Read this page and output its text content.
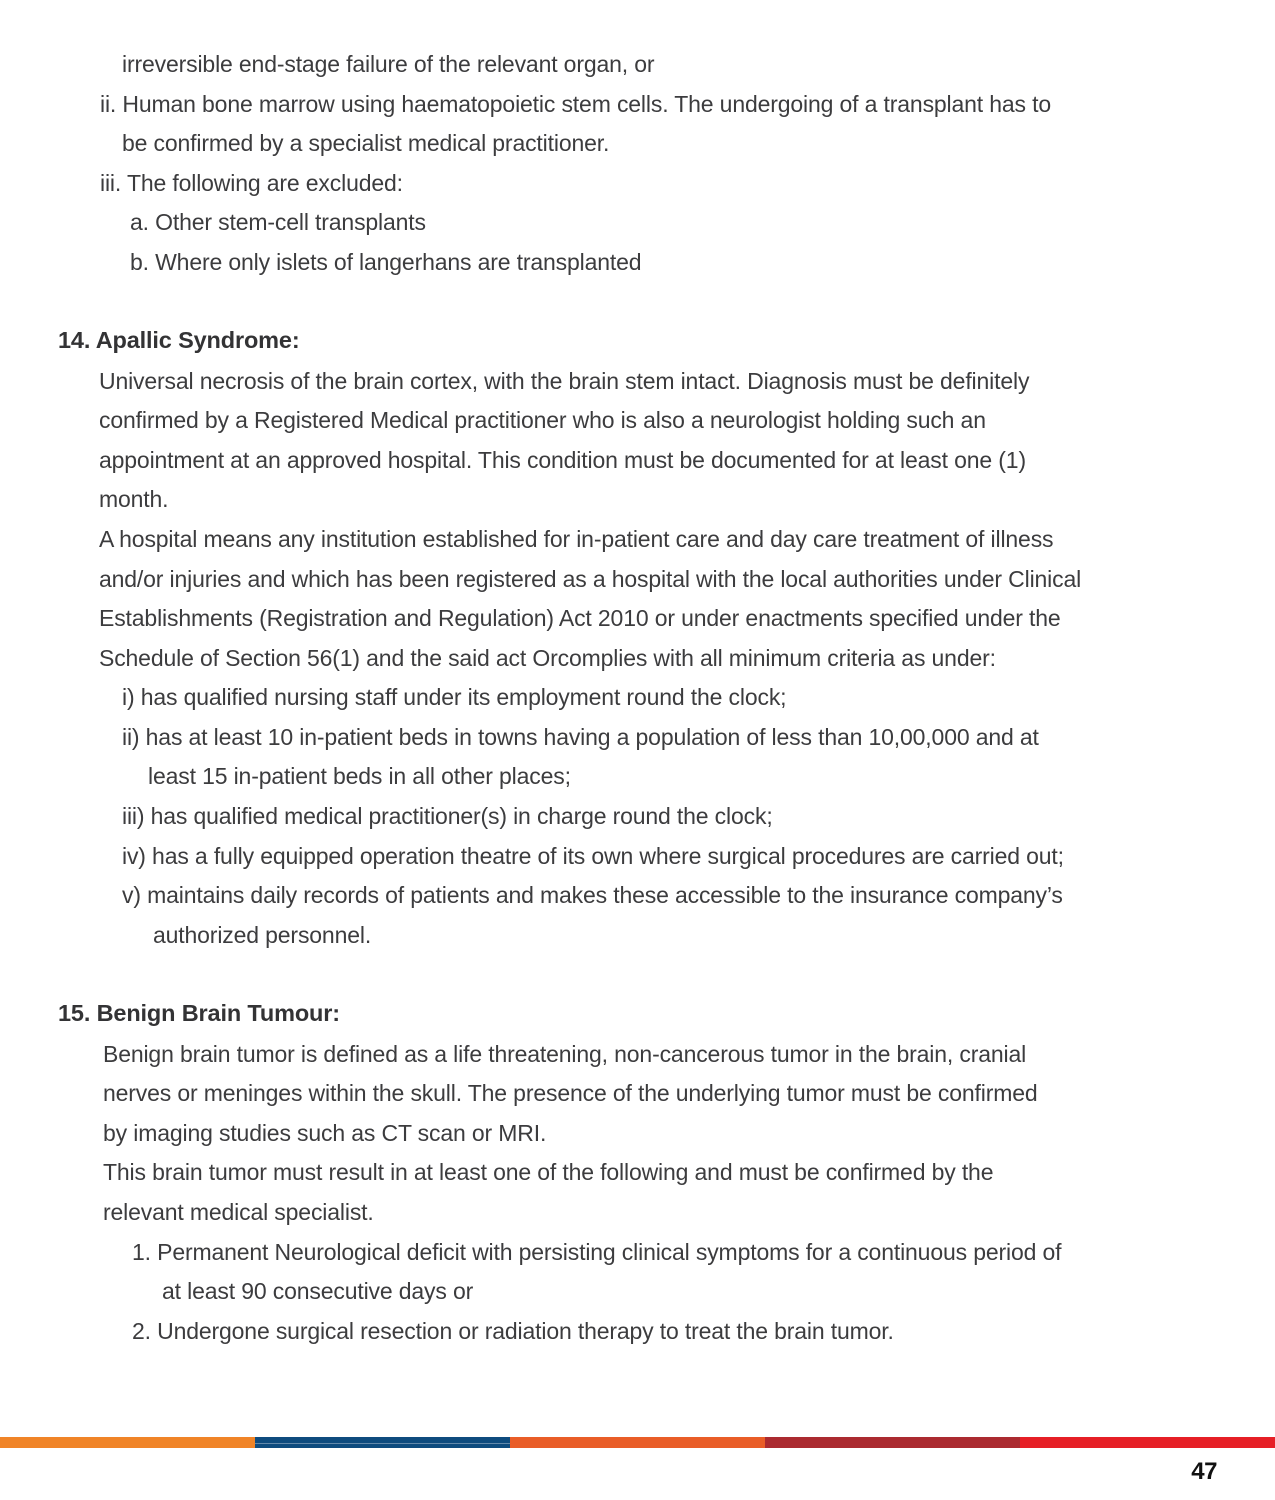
irreversible end-stage failure of the relevant organ, or
ii. Human bone marrow using haematopoietic stem cells. The undergoing of a transplant has to
be confirmed by a specialist medical practitioner.
iii. The following are excluded:
a. Other stem-cell transplants
b. Where only islets of langerhans are transplanted
14. Apallic Syndrome:
Universal necrosis of the brain cortex, with the brain stem intact. Diagnosis must be definitely
confirmed by a Registered Medical practitioner who is also a neurologist holding such an
appointment at an approved hospital. This condition must be documented for at least one (1)
month.
A hospital means any institution established for in-patient care and day care treatment of illness
and/or injuries and which has been registered as a hospital with the local authorities under Clinical
Establishments (Registration and Regulation) Act 2010 or under enactments specified under the
Schedule of Section 56(1) and the said act Orcomplies with all minimum criteria as under:
i) has qualified nursing staff under its employment round the clock;
ii) has at least 10 in-patient beds in towns having a population of less than 10,00,000 and at
least 15 in-patient beds in all other places;
iii) has qualified medical practitioner(s) in charge round the clock;
iv) has a fully equipped operation theatre of its own where surgical procedures are carried out;
v) maintains daily records of patients and makes these accessible to the insurance company’s
authorized personnel.
15. Benign Brain Tumour:
Benign brain tumor is defined as a life threatening, non-cancerous tumor in the brain, cranial
nerves or meninges within the skull. The presence of the underlying tumor must be confirmed
by imaging studies such as CT scan or MRI.
This brain tumor must result in at least one of the following and must be confirmed by the
relevant medical specialist.
1. Permanent Neurological deficit with persisting clinical symptoms for a continuous period of
at least 90 consecutive days or
2. Undergone surgical resection or radiation therapy to treat the brain tumor.
47
